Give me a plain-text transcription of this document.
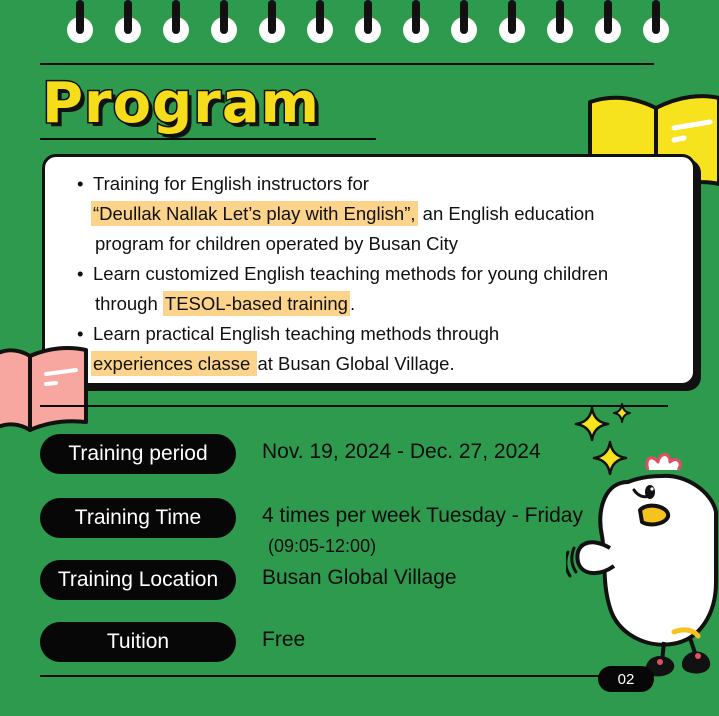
Program
• Training for English instructors for
“Deullak Nallak Let’s play with English”, an English education
program for children operated by Busan City
• Learn customized English teaching methods for young children
through TESOL-based training .
• Learn practical English teaching methods through
experiences classe at Busan Global Village.
Training period	Nov. 19, 2024 - Dec. 27, 2024
Training Time	4 times per week Tuesday - Friday
(09:05-12:00)
Training Location	Busan Global Village
Tuition	Free
02
